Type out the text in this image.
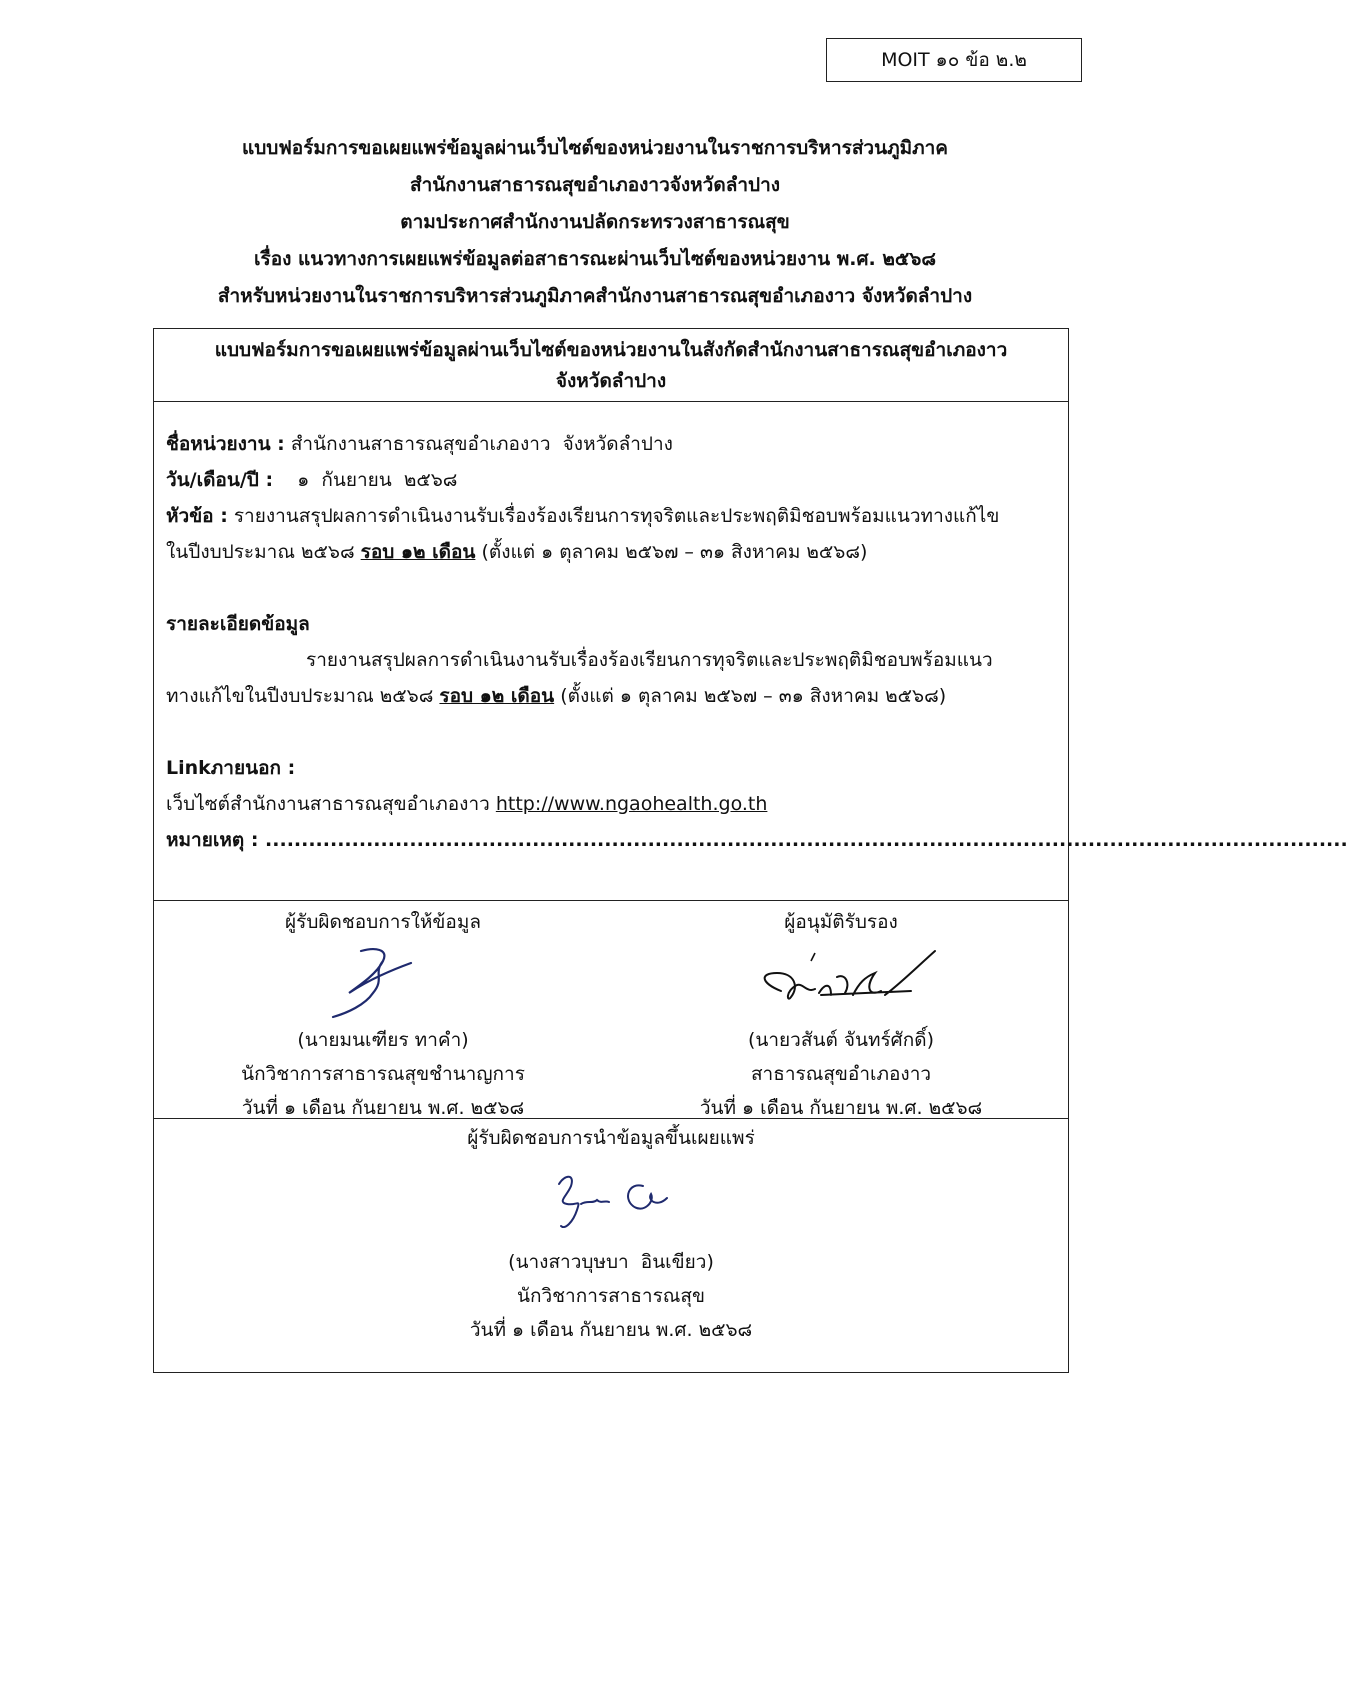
MOIT ๑๐ ข้อ ๒.๒
แบบฟอร์มการขอเผยแพร่ข้อมูลผ่านเว็บไซต์ของหน่วยงานในราชการบริหารส่วนภูมิภาค
สำนักงานสาธารณสุขอำเภองาวจังหวัดลำปาง
ตามประกาศสำนักงานปลัดกระทรวงสาธารณสุข
เรื่อง แนวทางการเผยแพร่ข้อมูลต่อสาธารณะผ่านเว็บไซต์ของหน่วยงาน พ.ศ. ๒๕๖๘
สำหรับหน่วยงานในราชการบริหารส่วนภูมิภาคสำนักงานสาธารณสุขอำเภองาว จังหวัดลำปาง
แบบฟอร์มการขอเผยแพร่ข้อมูลผ่านเว็บไซต์ของหน่วยงานในสังกัดสำนักงานสาธารณสุขอำเภองาว
จังหวัดลำปาง
ชื่อหน่วยงาน : สำนักงานสาธารณสุขอำเภองาว  จังหวัดลำปาง
วัน/เดือน/ปี :    ๑  กันยายน  ๒๕๖๘
หัวข้อ : รายงานสรุปผลการดำเนินงานรับเรื่องร้องเรียนการทุจริตและประพฤติมิชอบพร้อมแนวทางแก้ไข
ในปีงบประมาณ ๒๕๖๘ รอบ ๑๒ เดือน (ตั้งแต่ ๑ ตุลาคม ๒๕๖๗ – ๓๑ สิงหาคม ๒๕๖๘)
รายละเอียดข้อมูล
รายงานสรุปผลการดำเนินงานรับเรื่องร้องเรียนการทุจริตและประพฤติมิชอบพร้อมแนว
ทางแก้ไขในปีงบประมาณ ๒๕๖๘ รอบ ๑๒ เดือน (ตั้งแต่ ๑ ตุลาคม ๒๕๖๗ – ๓๑ สิงหาคม ๒๕๖๘)
Linkภายนอก :
เว็บไซต์สำนักงานสาธารณสุขอำเภองาว http://www.ngaohealth.go.th
หมายเหตุ : ......................................................................................................................................................
ผู้รับผิดชอบการให้ข้อมูล
(นายมนเฑียร ทาคำ)
นักวิชาการสาธารณสุขชำนาญการ
วันที่ ๑ เดือน กันยายน พ.ศ. ๒๕๖๘
ผู้อนุมัติรับรอง
(นายวสันต์ จันทร์ศักดิ์)
สาธารณสุขอำเภองาว
วันที่ ๑ เดือน กันยายน พ.ศ. ๒๕๖๘
ผู้รับผิดชอบการนำข้อมูลขึ้นเผยแพร่
(นางสาวบุษบา  อินเขียว)
นักวิชาการสาธารณสุข
วันที่ ๑ เดือน กันยายน พ.ศ. ๒๕๖๘
